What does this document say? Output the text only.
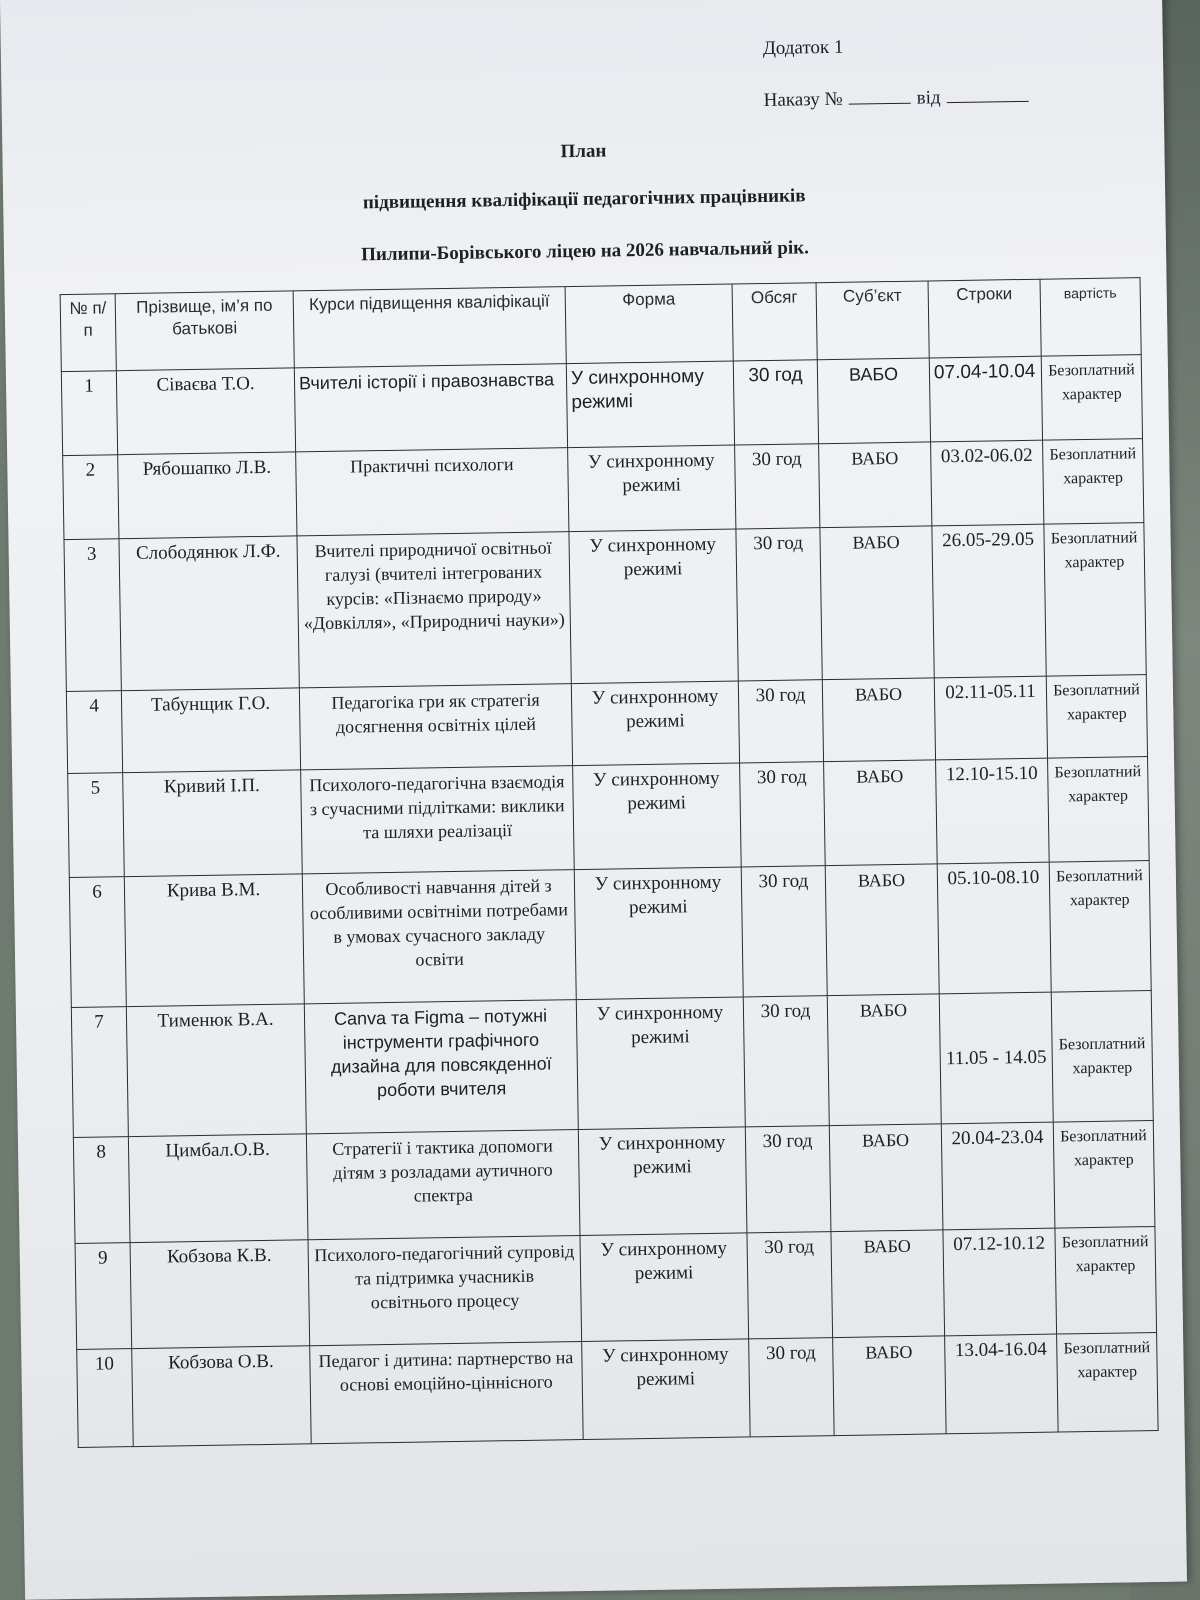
Додаток 1
Наказу №	від
План
підвищення кваліфікації педагогічних працівників
Пилипи-Борівського ліцею на 2026 навчальний рік.
№ п/п	Прізвище, ім’я по батькові	Курси підвищення кваліфікації	Форма	Обсяг	Суб’єкт	Строки	вартість
1	Сіваєва Т.О.	Вчителі історії і правознавства	У синхронному режимі	30 год	ВАБО	07.04-10.04	Безоплатний характер
2	Рябошапко Л.В.	Практичні психологи	У синхронному режимі	30 год	ВАБО	03.02-06.02	Безоплатний характер
3	Слободянюк Л.Ф.	Вчителі природничої освітньої галузі (вчителі інтегрованих курсів: «Пізнаємо природу» «Довкілля», «Природничі науки»)	У синхронному режимі	30 год	ВАБО	26.05-29.05	Безоплатний характер
4	Табунщик Г.О.	Педагогіка гри як стратегія досягнення освітніх цілей	У синхронному режимі	30 год	ВАБО	02.11-05.11	Безоплатний характер
5	Кривий І.П.	Психолого-педагогічна взаємодія з сучасними підлітками: виклики та шляхи реалізації	У синхронному режимі	30 год	ВАБО	12.10-15.10	Безоплатний характер
6	Крива В.М.	Особливості навчання дітей з особливими освітніми потребами в умовах сучасного закладу освіти	У синхронному режимі	30 год	ВАБО	05.10-08.10	Безоплатний характер
7	Тименюк В.А.	Canva та Figma – потужні інструменти графічного дизайна для повсякденної роботи вчителя	У синхронному режимі	30 год	ВАБО	11.05 - 14.05	Безоплатний характер
8	Цимбал.О.В.	Стратегії і тактика допомоги дітям з розладами аутичного спектра	У синхронному режимі	30 год	ВАБО	20.04-23.04	Безоплатний характер
9	Кобзова К.В.	Психолого-педагогічний супровід та підтримка учасників освітнього процесу	У синхронному режимі	30 год	ВАБО	07.12-10.12	Безоплатний характер
10	Кобзова О.В.	Педагог і дитина: партнерство на основі емоційно-ціннісного	У синхронному режимі	30 год	ВАБО	13.04-16.04	Безоплатний характер
